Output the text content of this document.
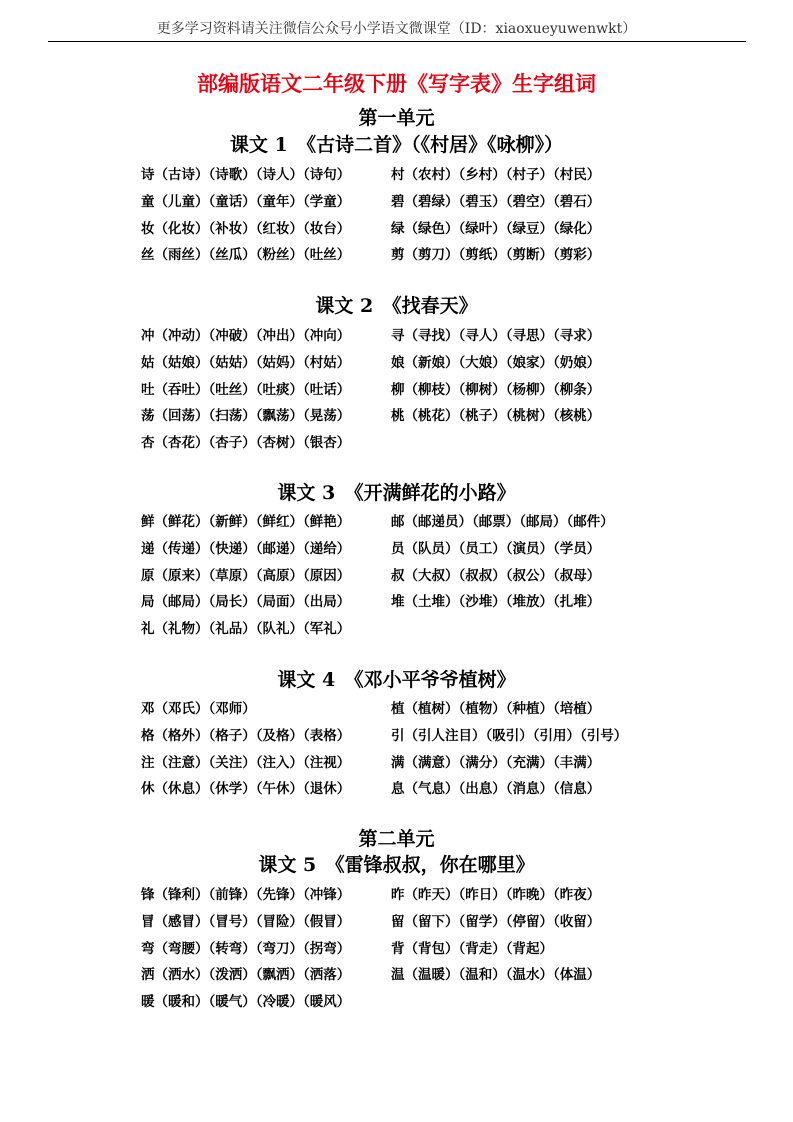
更多学习资料请关注微信公众号小学语文微课堂（ID：xiaoxueyuwenwkt）
部编版语文二年级下册《写字表》生字组词
第一单元
课文 1　《古诗二首》（《村居》《咏柳》）
诗（古诗）（诗歌）（诗人）（诗句）	村（农村）（乡村）（村子）（村民）
童（儿童）（童话）（童年）（学童）	碧（碧绿）（碧玉）（碧空）（碧石）
妆（化妆）（补妆）（红妆）（妆台）	绿（绿色）（绿叶）（绿豆）（绿化）
丝（雨丝）（丝瓜）（粉丝）（吐丝）	剪（剪刀）（剪纸）（剪断）（剪彩）
课文 2　《找春天》
冲（冲动）（冲破）（冲出）（冲向）	寻（寻找）（寻人）（寻思）（寻求）
姑（姑娘）（姑姑）（姑妈）（村姑）	娘（新娘）（大娘）（娘家）（奶娘）
吐（吞吐）（吐丝）（吐痰）（吐话）	柳（柳枝）（柳树）（杨柳）（柳条）
荡（回荡）（扫荡）（飘荡）（晃荡）	桃（桃花）（桃子）（桃树）（核桃）
杏（杏花）（杏子）（杏树）（银杏）
课文 3　《开满鲜花的小路》
鲜（鲜花）（新鲜）（鲜红）（鲜艳）	邮（邮递员）（邮票）（邮局）（邮件）
递（传递）（快递）（邮递）（递给）	员（队员）（员工）（演员）（学员）
原（原来）（草原）（高原）（原因）	叔（大叔）（叔叔）（叔公）（叔母）
局（邮局）（局长）（局面）（出局）	堆（土堆）（沙堆）（堆放）（扎堆）
礼（礼物）（礼品）（队礼）（军礼）
课文 4　《邓小平爷爷植树》
邓（邓氏）（邓师）	植（植树）（植物）（种植）（培植）
格（格外）（格子）（及格）（表格）	引（引人注目）（吸引）（引用）（引号）
注（注意）（关注）（注入）（注视）	满（满意）（满分）（充满）（丰满）
休（休息）（休学）（午休）（退休）	息（气息）（出息）（消息）（信息）
第二单元
课文 5　《雷锋叔叔，你在哪里》
锋（锋利）（前锋）（先锋）（冲锋）	昨（昨天）（昨日）（昨晚）（昨夜）
冒（感冒）（冒号）（冒险）（假冒）	留（留下）（留学）（停留）（收留）
弯（弯腰）（转弯）（弯刀）（拐弯）	背（背包）（背走）（背起）
洒（洒水）（泼洒）（飘洒）（洒落）	温（温暖）（温和）（温水）（体温）
暖（暖和）（暖气）（冷暖）（暖风）
